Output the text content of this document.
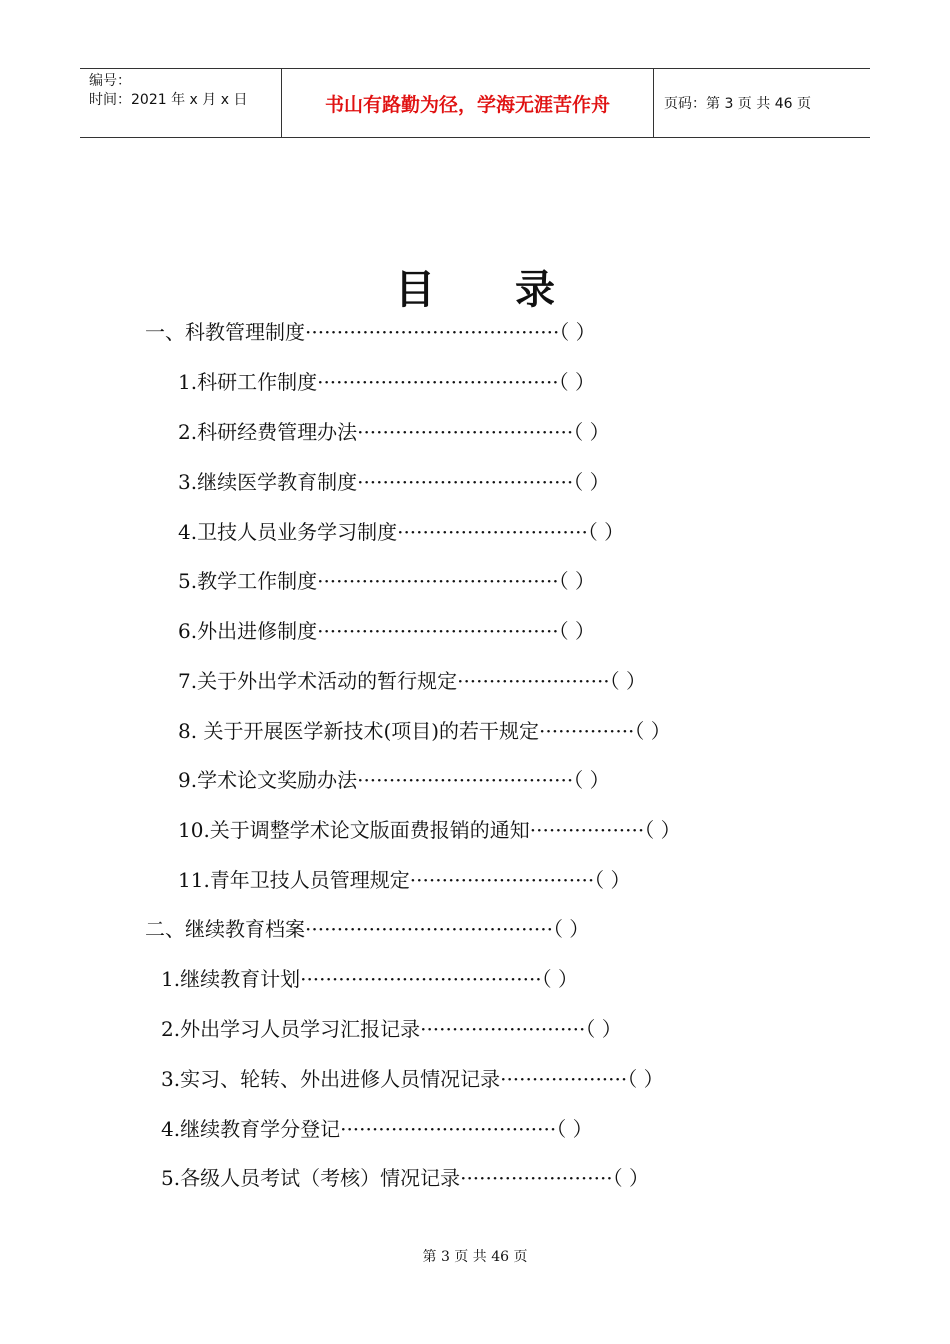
编号：
时间：2021 年 x 月 x 日	书山有路勤为径，学海无涯苦作舟	页码：第 3 页 共 46 页
目 录
一、科教管理制度········································（ ）
1.科研工作制度······································（ ）
2.科研经费管理办法··································（ ）
3.继续医学教育制度··································（ ）
4.卫技人员业务学习制度······························（ ）
5.教学工作制度······································（ ）
6.外出进修制度······································（ ）
7.关于外出学术活动的暂行规定························（ ）
8. 关于开展医学新技术(项目)的若干规定···············（ ）
9.学术论文奖励办法··································（ ）
10.关于调整学术论文版面费报销的通知··················（ ）
11.青年卫技人员管理规定·····························（ ）
二、继续教育档案·······································（ ）
1.继续教育计划······································（ ）
2.外出学习人员学习汇报记录··························（ ）
3.实习、轮转、外出进修人员情况记录····················（ ）
4.继续教育学分登记··································（ ）
5.各级人员考试（考核）情况记录························（ ）
第 3 页 共 46 页
